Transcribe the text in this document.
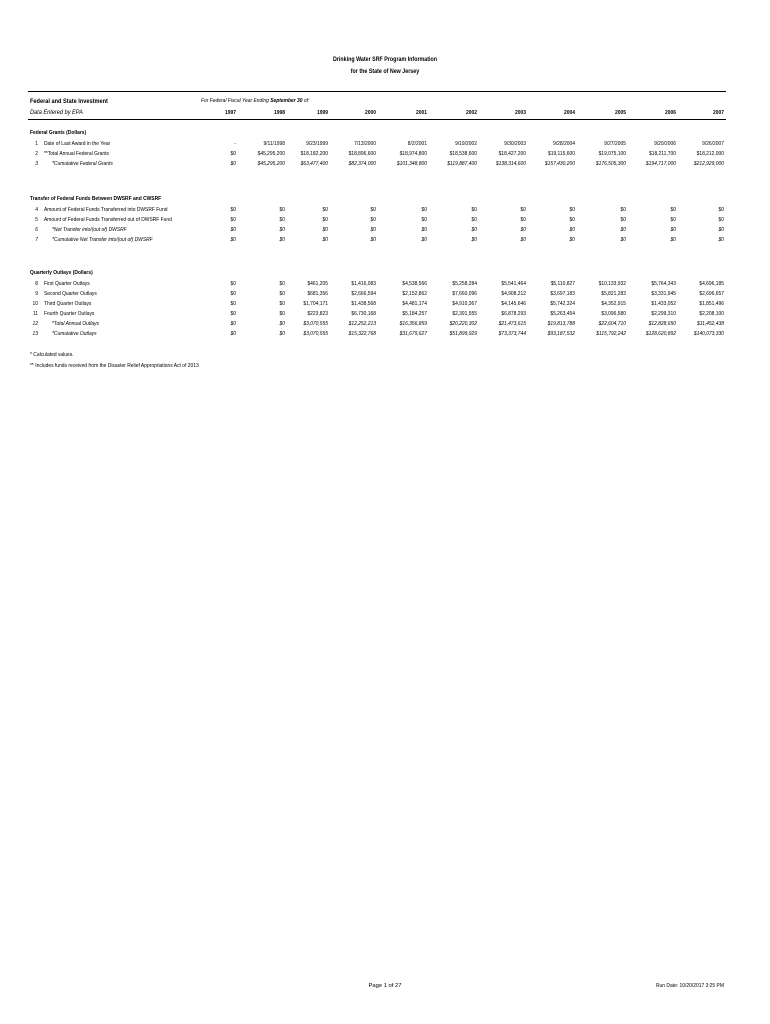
Drinking Water SRF Program Information
for the State of New Jersey
Federal and State Investment
Data Entered by EPA
For Federal Fiscal Year Ending September 30 of:
1997	1998	1999	2000	2001	2002	2003	2004	2005	2006	2007
Federal Grants (Dollars)
1 Date of Last Award in the Year	-	9/11/1998	9/23/1999	7/13/2000	8/2/2001	9/19/2002	9/30/2003	9/28/2004	9/27/2005	9/20/2006	9/26/2007
2 **Total Annual Federal Grants	$0	$45,295,200	$18,182,200	$18,896,600	$18,974,800	$18,538,600	$18,427,200	$19,115,600	$19,075,100	$18,211,700	$18,212,000
3 *Cumulative Federal Grants	$0	$45,295,200	$63,477,400	$82,374,000	$101,348,800	$119,887,400	$138,314,600	$157,430,200	$176,505,300	$194,717,000	$212,929,000
Transfer of Federal Funds Between DWSRF and CWSRF
4 Amount of Federal Funds Transferred into DWSRF Fund	$0	$0	$0	$0	$0	$0	$0	$0	$0	$0	$0
5 Amount of Federal Funds Transferred out of DWSRF Fund	$0	$0	$0	$0	$0	$0	$0	$0	$0	$0	$0
6 *Net Transfer into/(out of) DWSRF	$0	$0	$0	$0	$0	$0	$0	$0	$0	$0	$0
7 *Cumulative Net Transfer into/(out of) DWSRF	$0	$0	$0	$0	$0	$0	$0	$0	$0	$0	$0
Quarterly Outlays (Dollars)
8 First Quarter Outlays	$0	$0	$461,205	$1,416,083	$4,538,566	$5,258,284	$5,541,464	$5,110,827	$10,133,932	$5,764,343	$4,696,185
9 Second Quarter Outlays	$0	$0	$681,356	$2,666,594	$2,152,862	$7,660,096	$4,908,212	$3,697,183	$5,821,283	$3,331,945	$2,696,657
10 Third Quarter Outlays	$0	$0	$1,704,171	$1,438,568	$4,481,174	$4,910,367	$4,145,646	$5,742,324	$4,352,915	$1,433,052	$1,851,496
11 Fourth Quarter Outlays	$0	$0	$223,823	$6,730,168	$5,184,257	$2,391,555	$6,878,293	$5,263,454	$3,096,580	$2,299,310	$2,208,100
12 *Total Annual Outlays	$0	$0	$3,070,555	$12,252,213	$16,356,859	$20,220,302	$21,473,615	$19,813,788	$22,604,710	$12,828,650	$11,452,438
13 *Cumulative Outlays	$0	$0	$3,070,555	$15,322,768	$31,679,627	$51,899,929	$73,373,744	$93,187,532	$115,792,242	$128,620,892	$140,073,330
* Calculated values.
** Includes funds received from the Disaster Relief Appropriations Act of 2013
Page 1 of 27	Run Date: 10/20/2017 3:25 PM
